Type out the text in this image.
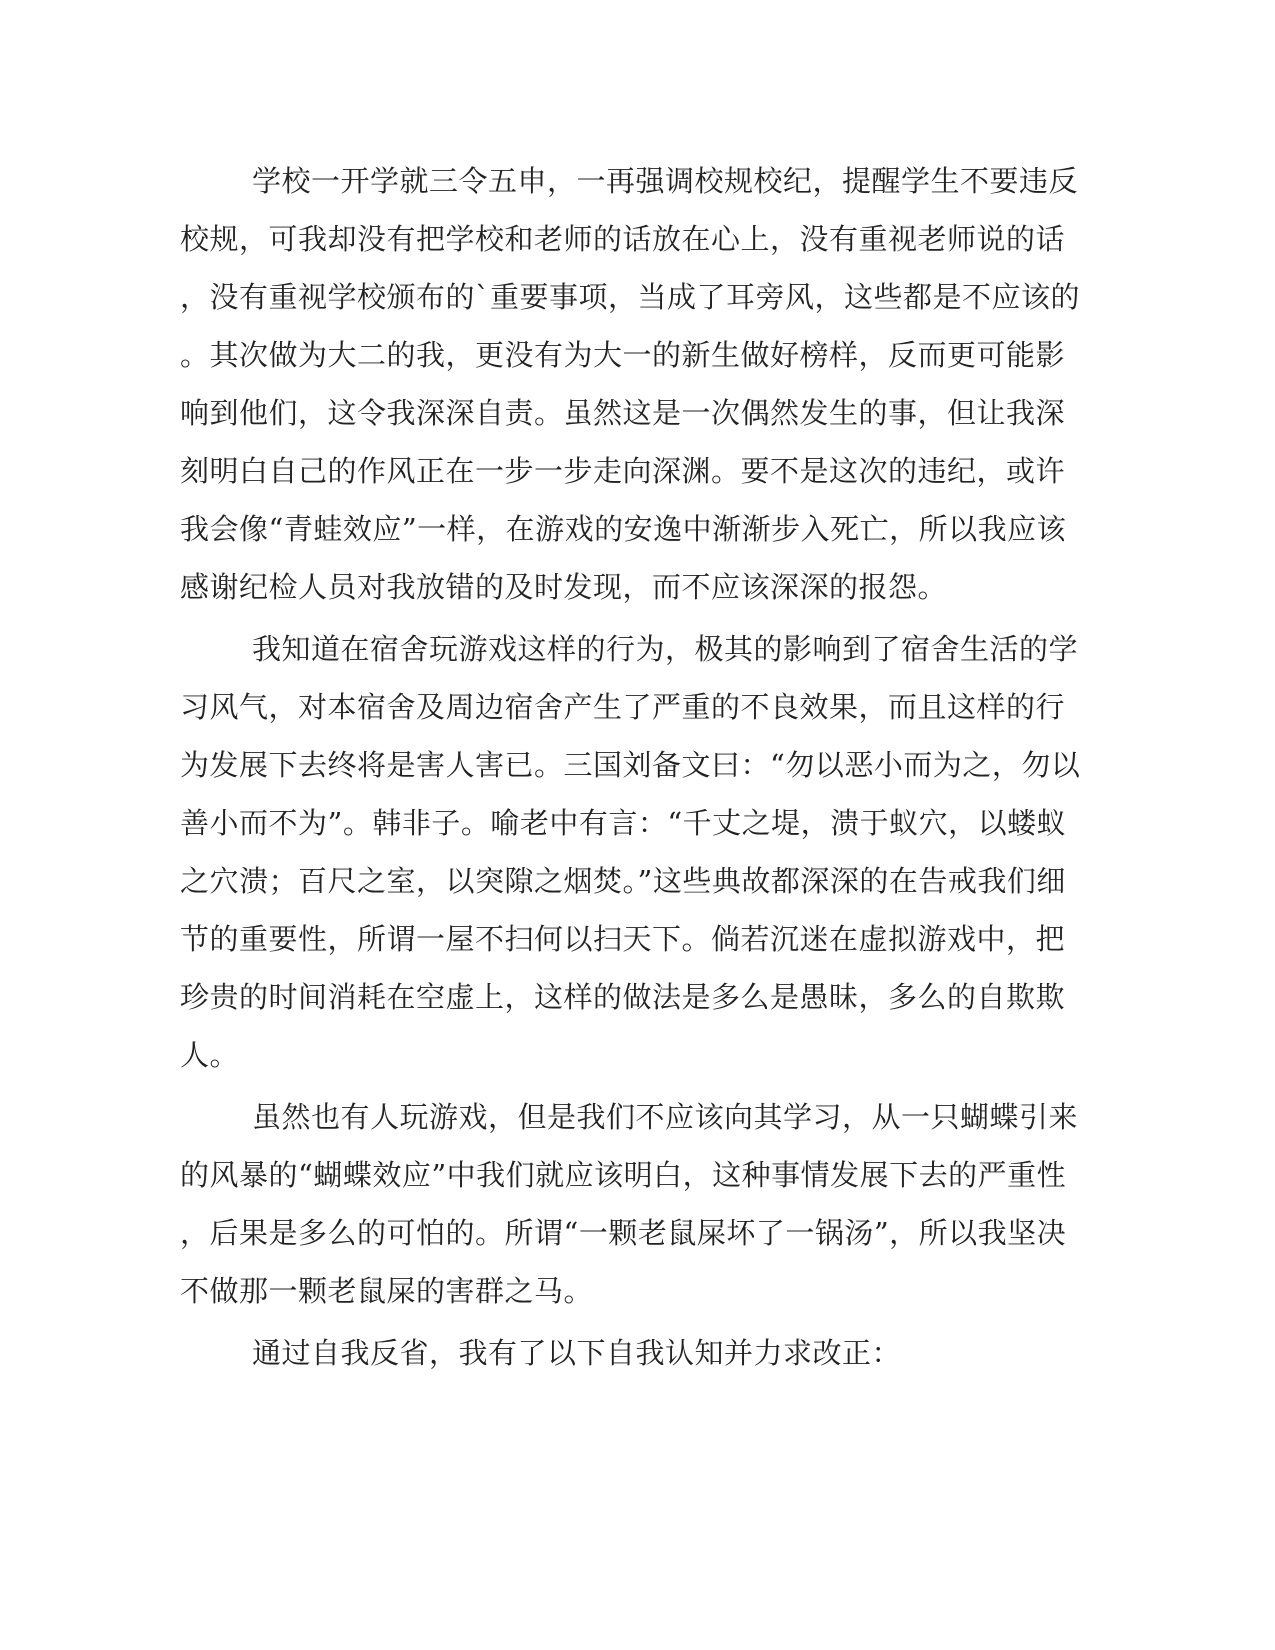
学校一开学就三令五申，一再强调校规校纪，提醒学生不要违反

校规，可我却没有把学校和老师的话放在心上，没有重视老师说的话

，没有重视学校颁布的`重要事项，当成了耳旁风，这些都是不应该的

。其次做为大二的我，更没有为大一的新生做好榜样，反而更可能影

响到他们，这令我深深自责。虽然这是一次偶然发生的事，但让我深

刻明白自己的作风正在一步一步走向深渊。要不是这次的违纪，或许

我会像“青蛙效应”一样，在游戏的安逸中渐渐步入死亡，所以我应该

感谢纪检人员对我放错的及时发现，而不应该深深的报怨。

我知道在宿舍玩游戏这样的行为，极其的影响到了宿舍生活的学

习风气，对本宿舍及周边宿舍产生了严重的不良效果，而且这样的行

为发展下去终将是害人害已。三国刘备文曰：“勿以恶小而为之，勿以

善小而不为”。韩非子。喻老中有言：“千丈之堤，溃于蚁穴，以蝼蚁

之穴溃；百尺之室，以突隙之烟焚。”这些典故都深深的在告戒我们细

节的重要性，所谓一屋不扫何以扫天下。倘若沉迷在虚拟游戏中，把

珍贵的时间消耗在空虚上，这样的做法是多么是愚昧，多么的自欺欺

人。

虽然也有人玩游戏，但是我们不应该向其学习，从一只蝴蝶引来

的风暴的“蝴蝶效应”中我们就应该明白，这种事情发展下去的严重性

，后果是多么的可怕的。所谓“一颗老鼠屎坏了一锅汤”，所以我坚决

不做那一颗老鼠屎的害群之马。

通过自我反省，我有了以下自我认知并力求改正：
